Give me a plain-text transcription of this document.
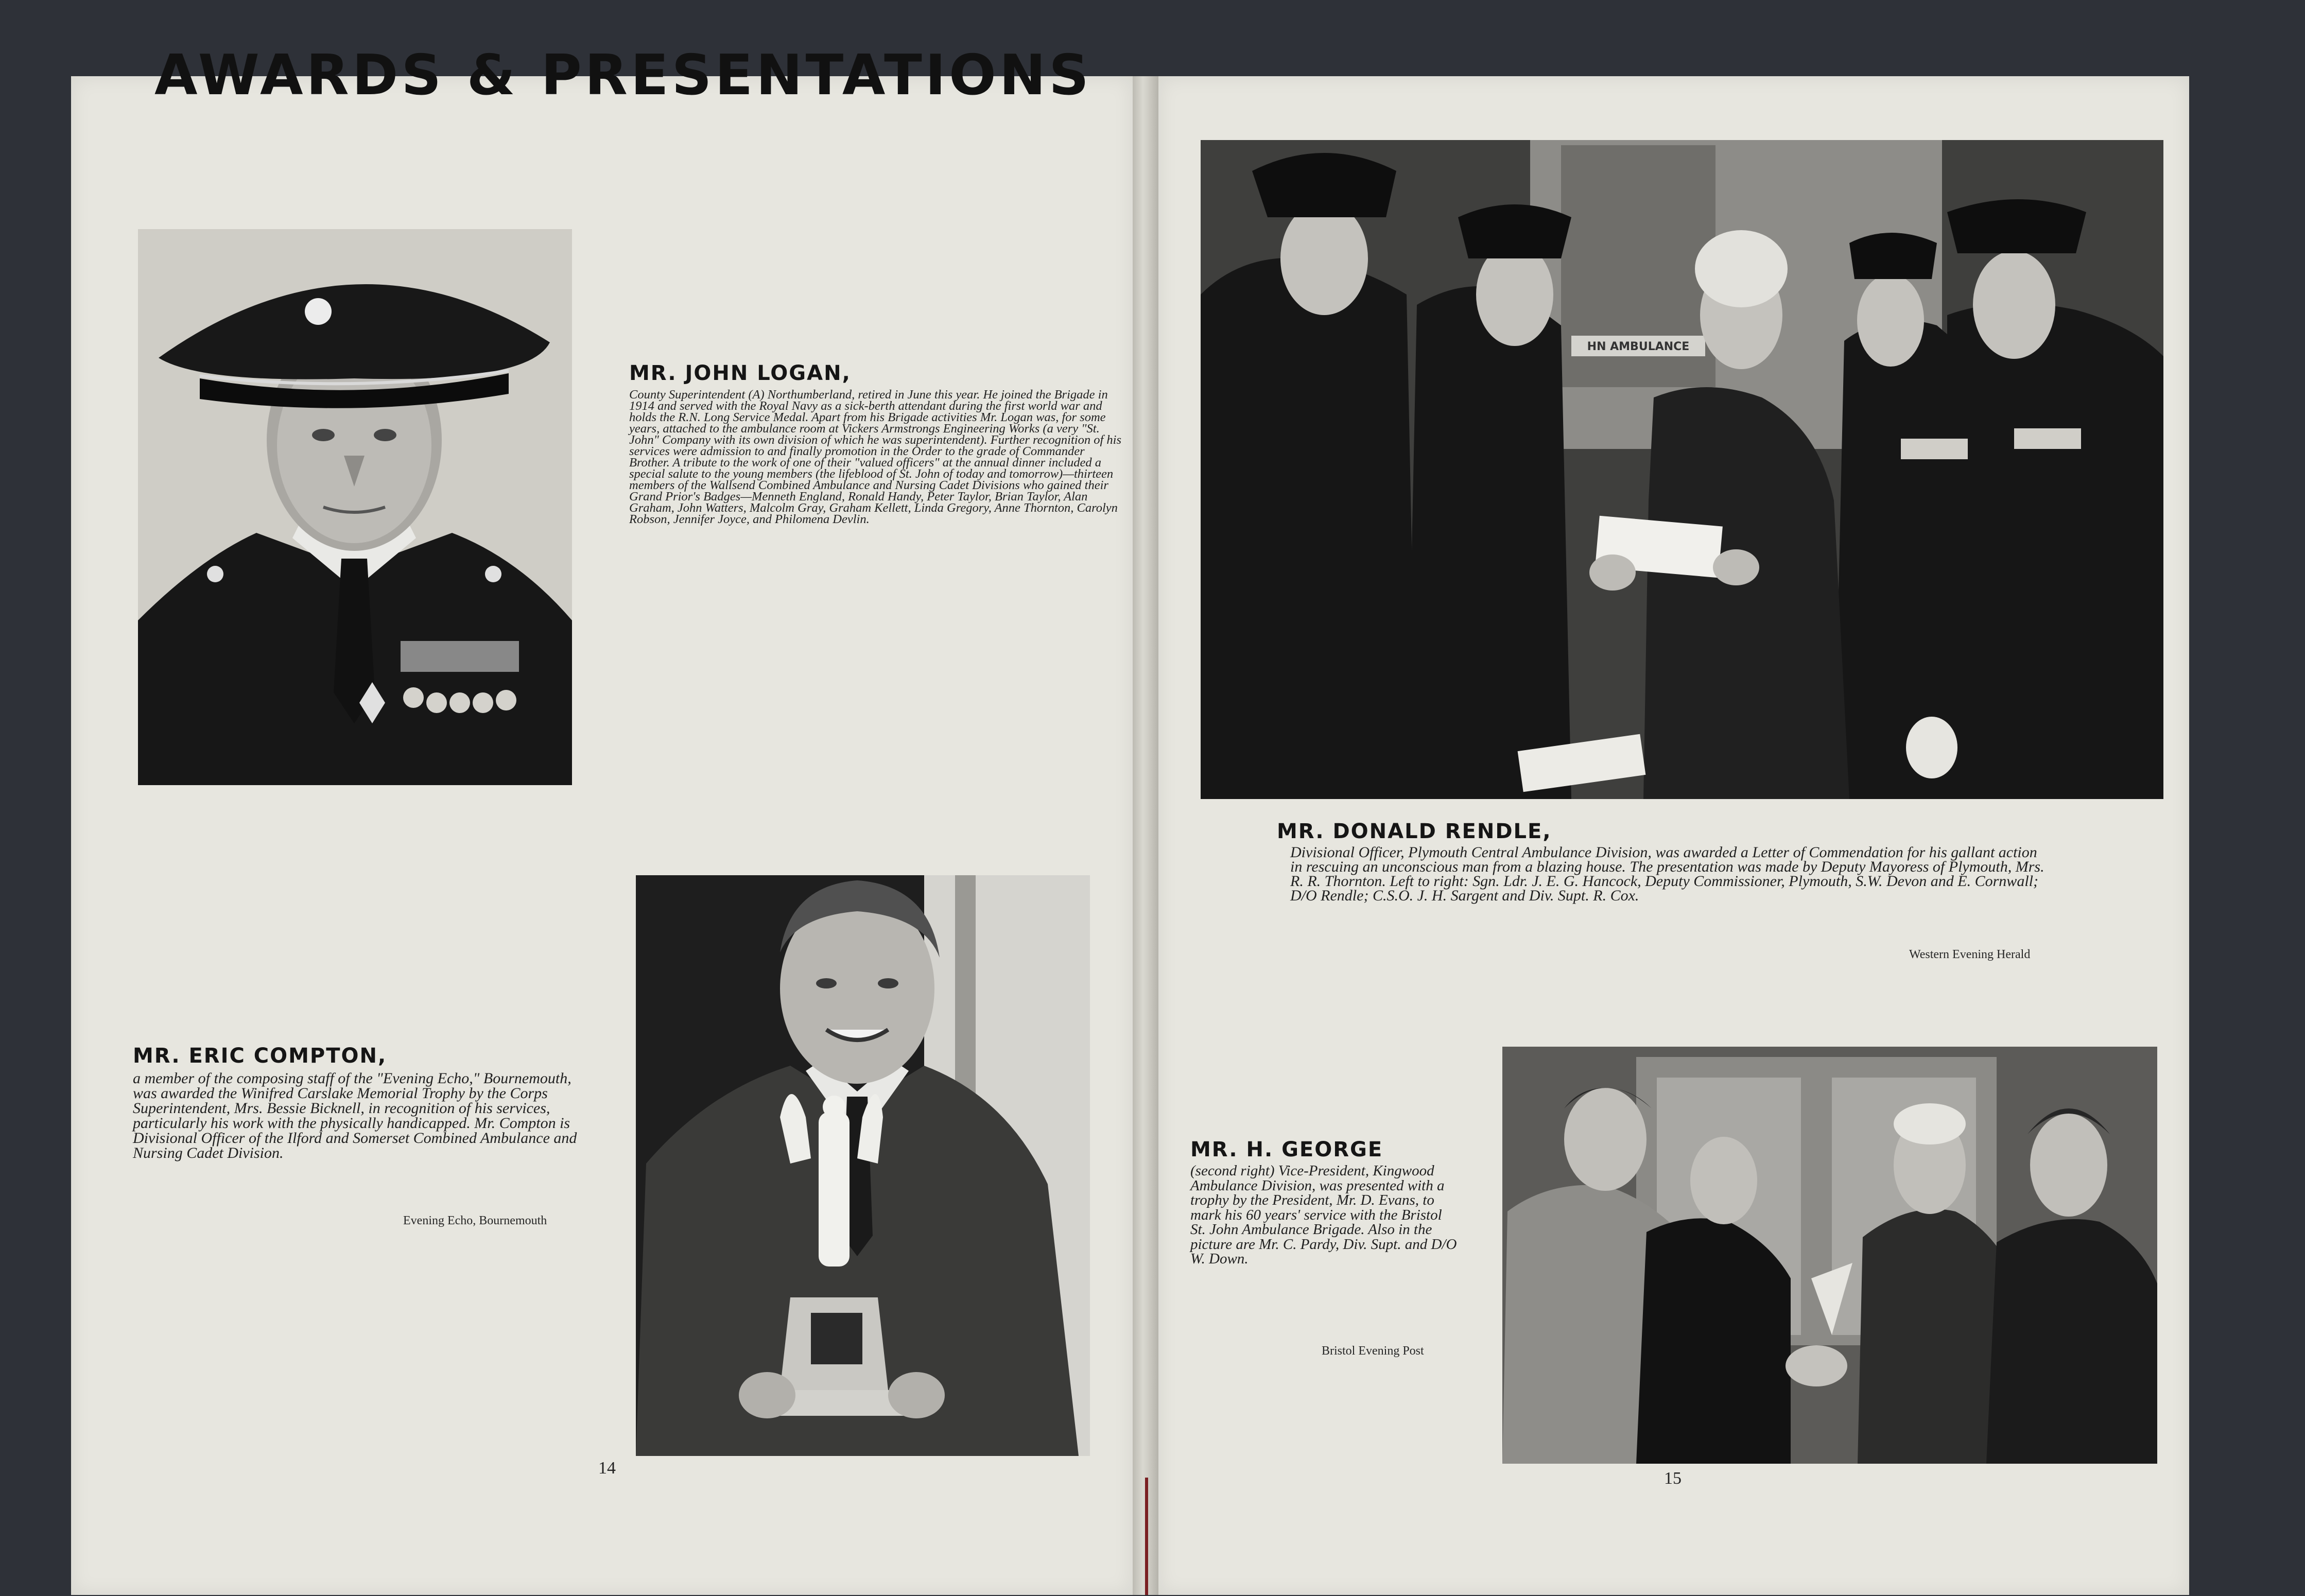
AWARDS & PRESENTATIONS

MR. JOHN LOGAN,

County Superintendent (A) Northumberland, retired in June this year. He joined the Brigade in 1914 and served with the Royal Navy as a sick-berth attendant during the first world war and holds the R.N. Long Service Medal. Apart from his Brigade activities Mr. Logan was, for some years, attached to the ambulance room at Vickers Armstrongs Engineering Works (a very "St. John" Company with its own division of which he was superintendent). Further recognition of his services were admission to and finally promotion in the Order to the grade of Commander Brother. A tribute to the work of one of their "valued officers" at the annual dinner included a special salute to the young members (the lifeblood of St. John of today and tomorrow)—thirteen members of the Wallsend Combined Ambulance and Nursing Cadet Divisions who gained their Grand Prior's Badges—Menneth England, Ronald Handy, Peter Taylor, Brian Taylor, Alan Graham, John Watters, Malcolm Gray, Graham Kellett, Linda Gregory, Anne Thornton, Carolyn Robson, Jennifer Joyce, and Philomena Devlin.

MR. ERIC COMPTON,

a member of the composing staff of the "Evening Echo," Bournemouth, was awarded the Winifred Carslake Memorial Trophy by the Corps Superintendent, Mrs. Bessie Bicknell, in recognition of his services, particularly his work with the physically handicapped. Mr. Compton is Divisional Officer of the Ilford and Somerset Combined Ambulance and Nursing Cadet Division.

Evening Echo, Bournemouth

14

HN AMBULANCE

MR. DONALD RENDLE,

Divisional Officer, Plymouth Central Ambulance Division, was awarded a Letter of Commendation for his gallant action in rescuing an unconscious man from a blazing house. The presentation was made by Deputy Mayoress of Plymouth, Mrs. R. R. Thornton. Left to right: Sgn. Ldr. J. E. G. Hancock, Deputy Commissioner, Plymouth, S.W. Devon and E. Cornwall; D/O Rendle; C.S.O. J. H. Sargent and Div. Supt. R. Cox.

Western Evening Herald

MR. H. GEORGE

(second right) Vice-President, Kingwood Ambulance Division, was presented with a trophy by the President, Mr. D. Evans, to mark his 60 years' service with the Bristol St. John Ambulance Brigade. Also in the picture are Mr. C. Pardy, Div. Supt. and D/O W. Down.

Bristol Evening Post

15
